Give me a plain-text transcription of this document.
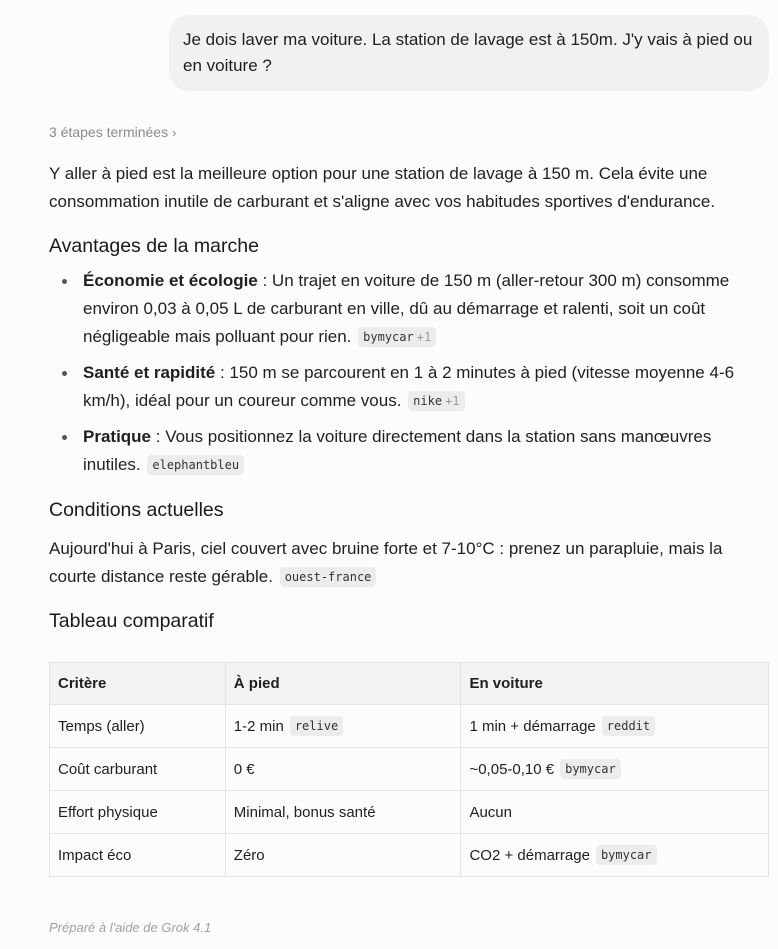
Je dois laver ma voiture. La station de lavage est à 150m. J'y vais à pied ou en voiture ?
3 étapes terminées ›

Y aller à pied est la meilleure option pour une station de lavage à 150 m. Cela évite une consommation inutile de carburant et s'aligne avec vos habitudes sportives d'endurance.

Avantages de la marche
Économie et écologie : Un trajet en voiture de 150 m (aller-retour 300 m) consomme environ 0,03 à 0,05 L de carburant en ville, dû au démarrage et ralenti, soit un coût négligeable mais polluant pour rien. bymycar +1
Santé et rapidité : 150 m se parcourent en 1 à 2 minutes à pied (vitesse moyenne 4-6 km/h), idéal pour un coureur comme vous. nike +1
Pratique : Vous positionnez la voiture directement dans la station sans manœuvres inutiles. elephantbleu
Conditions actuelles

Aujourd'hui à Paris, ciel couvert avec bruine forte et 7-10°C : prenez un parapluie, mais la courte distance reste gérable. ouest-france

Tableau comparatif
Critère	À pied	En voiture
Temps (aller)	1-2 min relive	1 min + démarrage reddit
Coût carburant	0 €	~0,05-0,10 € bymycar
Effort physique	Minimal, bonus santé	Aucun
Impact éco	Zéro	CO2 + démarrage bymycar
Préparé à l'aide de Grok 4.1
